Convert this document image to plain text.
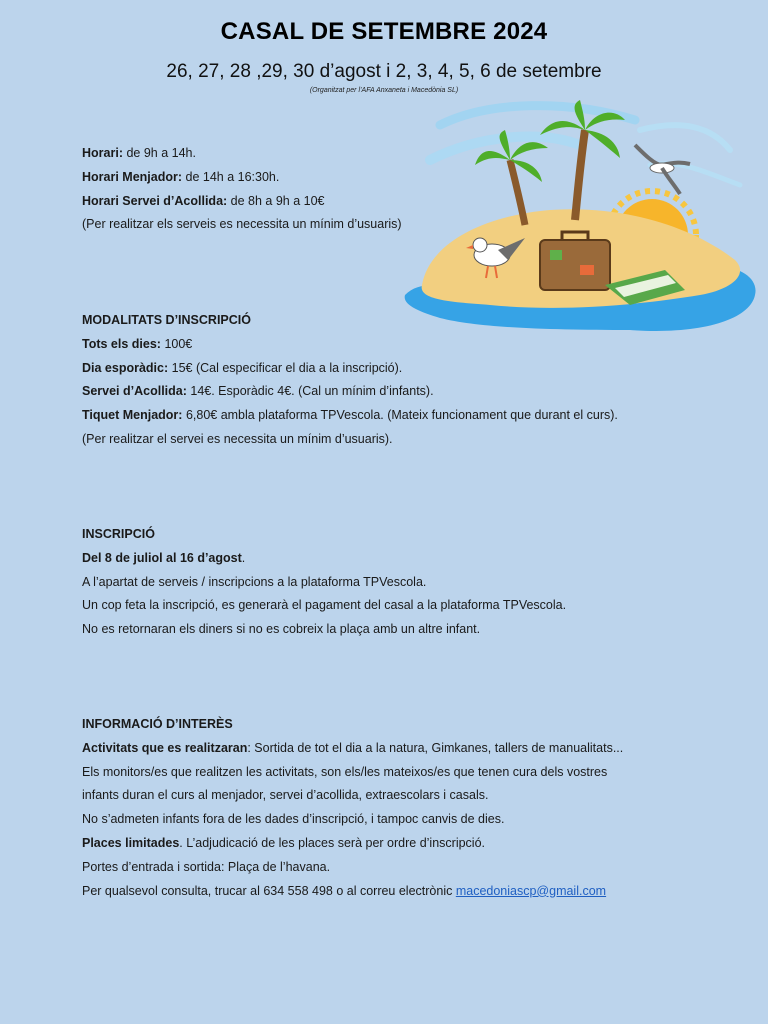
CASAL DE SETEMBRE 2024
26, 27, 28 ,29, 30 d’agost i 2, 3, 4, 5, 6 de setembre
(Organitzat per l’AFA Anxaneta i Macedònia SL)
Horari: de 9h a 14h.
Horari Menjador: de 14h a 16:30h.
Horari Servei d’Acollida: de 8h a 9h a 10€
(Per realitzar els serveis es necessita un mínim d’usuaris)
MODALITATS D’INSCRIPCIÓ
Tots els dies: 100€
Dia esporàdic: 15€ (Cal especificar el dia a la inscripció).
Servei d’Acollida: 14€. Esporàdic 4€. (Cal un mínim d’infants).
Tiquet Menjador: 6,80€ ambla plataforma TPVescola. (Mateix funcionament que durant el curs).
(Per realitzar el servei es necessita un mínim d’usuaris).
INSCRIPCIÓ
Del 8 de juliol al 16 d’agost.
A l’apartat de serveis / inscripcions a la plataforma TPVescola.
Un cop feta la inscripció, es generarà el pagament del casal a la plataforma TPVescola.
No es retornaran els diners si no es cobreix la plaça amb un altre infant.
INFORMACIÓ D’INTERÈS
Activitats que es realitzaran: Sortida de tot el dia a la natura, Gimkanes, tallers de manualitats...
Els monitors/es que realitzen les activitats, son els/les mateixos/es que tenen cura dels vostres
infants duran el curs al menjador, servei d’acollida, extraescolars i casals.
No s’admeten infants fora de les dades d’inscripció, i tampoc canvis de dies.
Places limitades. L’adjudicació de les places serà per ordre d’inscripció.
Portes d’entrada i sortida: Plaça de l’havana.
Per qualsevol consulta, trucar al 634 558 498 o al correu electrònic macedoniascp@gmail.com
